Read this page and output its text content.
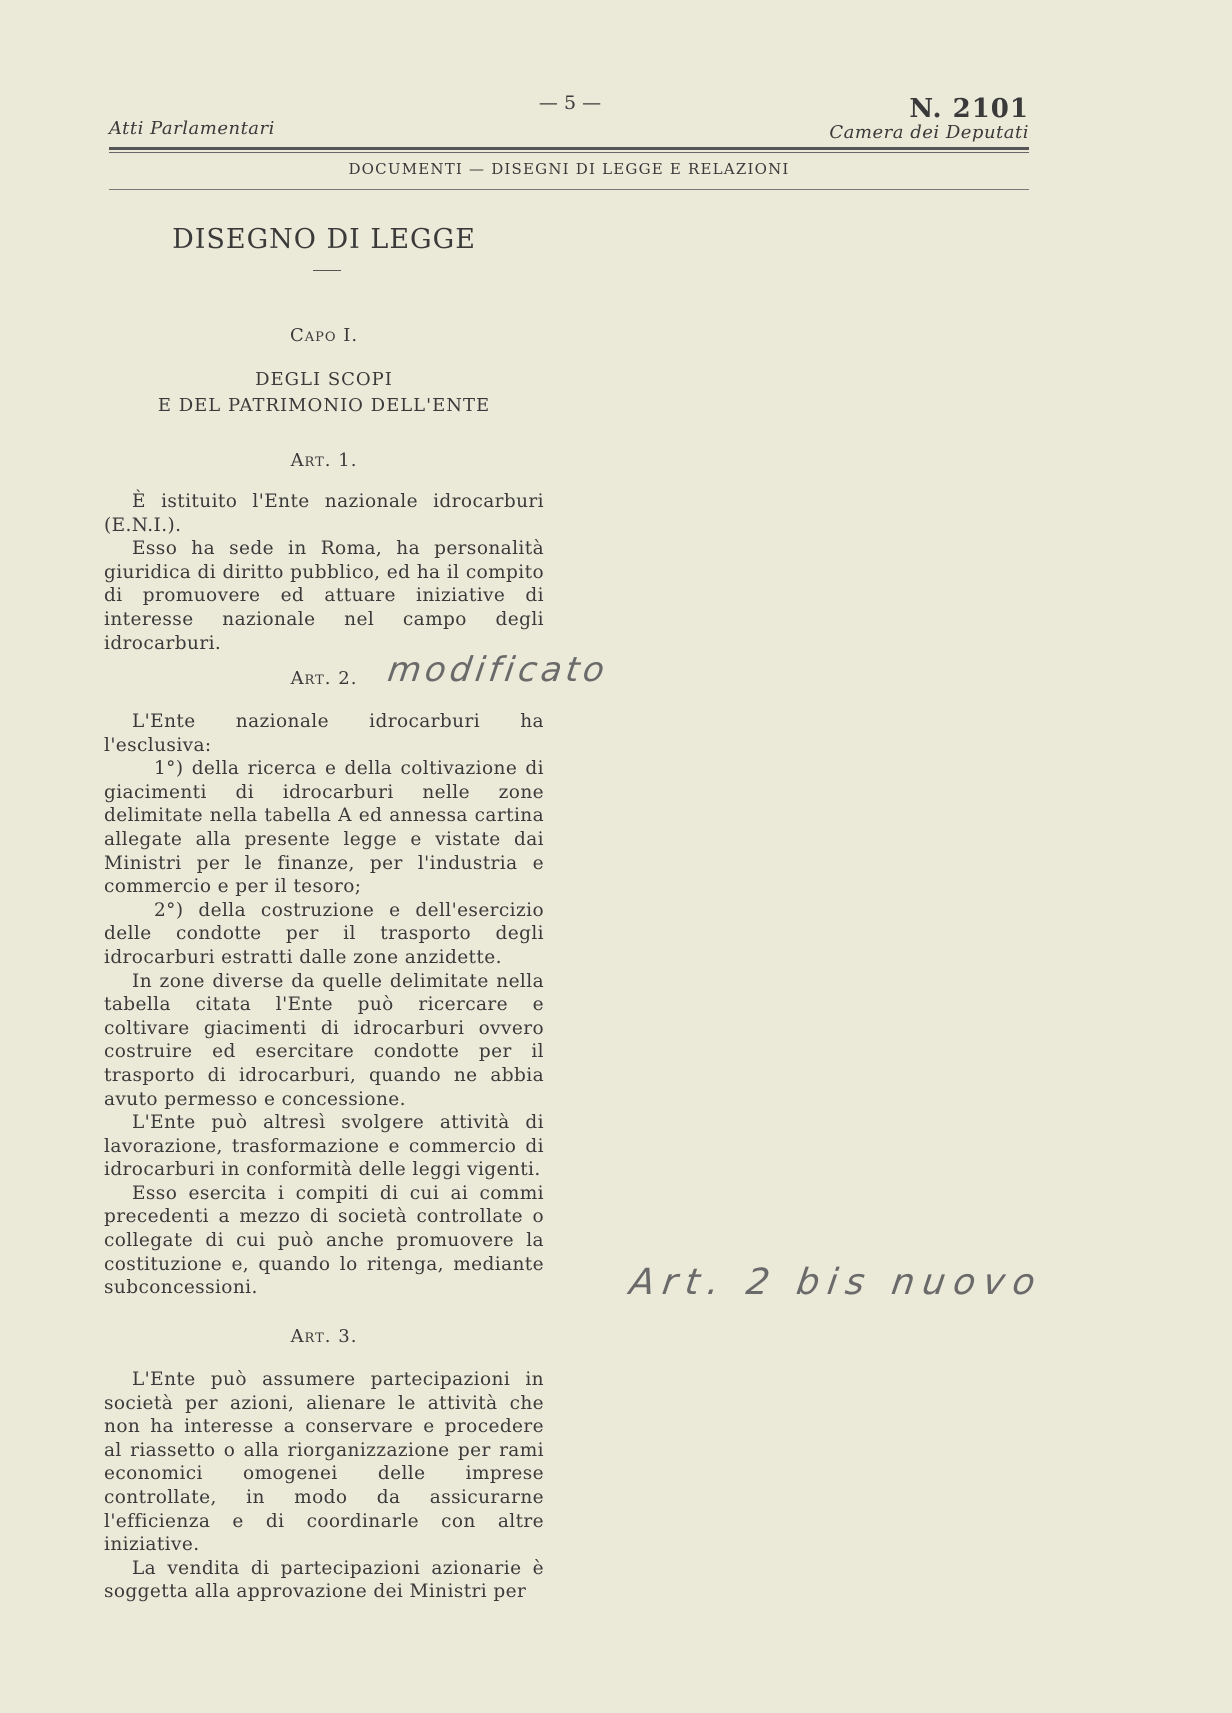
Atti Parlamentari
— 5 —	N. 2101
Camera dei Deputati
DOCUMENTI — DISEGNI DI LEGGE E RELAZIONI
DISEGNO DI LEGGE
Capo I.
DEGLI SCOPI
E DEL PATRIMONIO DELL'ENTE
Art. 1.

È istituito l'Ente nazionale idrocarburi (E.N.I.).

Esso ha sede in Roma, ha personalità giuridica di diritto pubblico, ed ha il compito di promuovere ed attuare iniziative di interesse nazionale nel campo degli idrocarburi.

Art. 2. modificato

L'Ente nazionale idrocarburi ha l'esclusiva:

1°) della ricerca e della coltivazione di giacimenti di idrocarburi nelle zone delimitate nella tabella A ed annessa cartina allegate alla presente legge e vistate dai Ministri per le finanze, per l'industria e commercio e per il tesoro;

2°) della costruzione e dell'esercizio delle condotte per il trasporto degli idrocarburi estratti dalle zone anzidette.

In zone diverse da quelle delimitate nella tabella citata l'Ente può ricercare e coltivare giacimenti di idrocarburi ovvero costruire ed esercitare condotte per il trasporto di idrocarburi, quando ne abbia avuto permesso e concessione.

L'Ente può altresì svolgere attività di lavorazione, trasformazione e commercio di idrocarburi in conformità delle leggi vigenti.

Esso esercita i compiti di cui ai commi precedenti a mezzo di società controllate o collegate di cui può anche promuovere la costituzione e, quando lo ritenga, mediante subconcessioni.	Art. 2 bis nuovo
Art. 3.

L'Ente può assumere partecipazioni in società per azioni, alienare le attività che non ha interesse a conservare e procedere al riassetto o alla riorganizzazione per rami economici omogenei delle imprese controllate, in modo da assicurarne l'efficienza e di coordinarle con altre iniziative.

La vendita di partecipazioni azionarie è soggetta alla approvazione dei Ministri per
